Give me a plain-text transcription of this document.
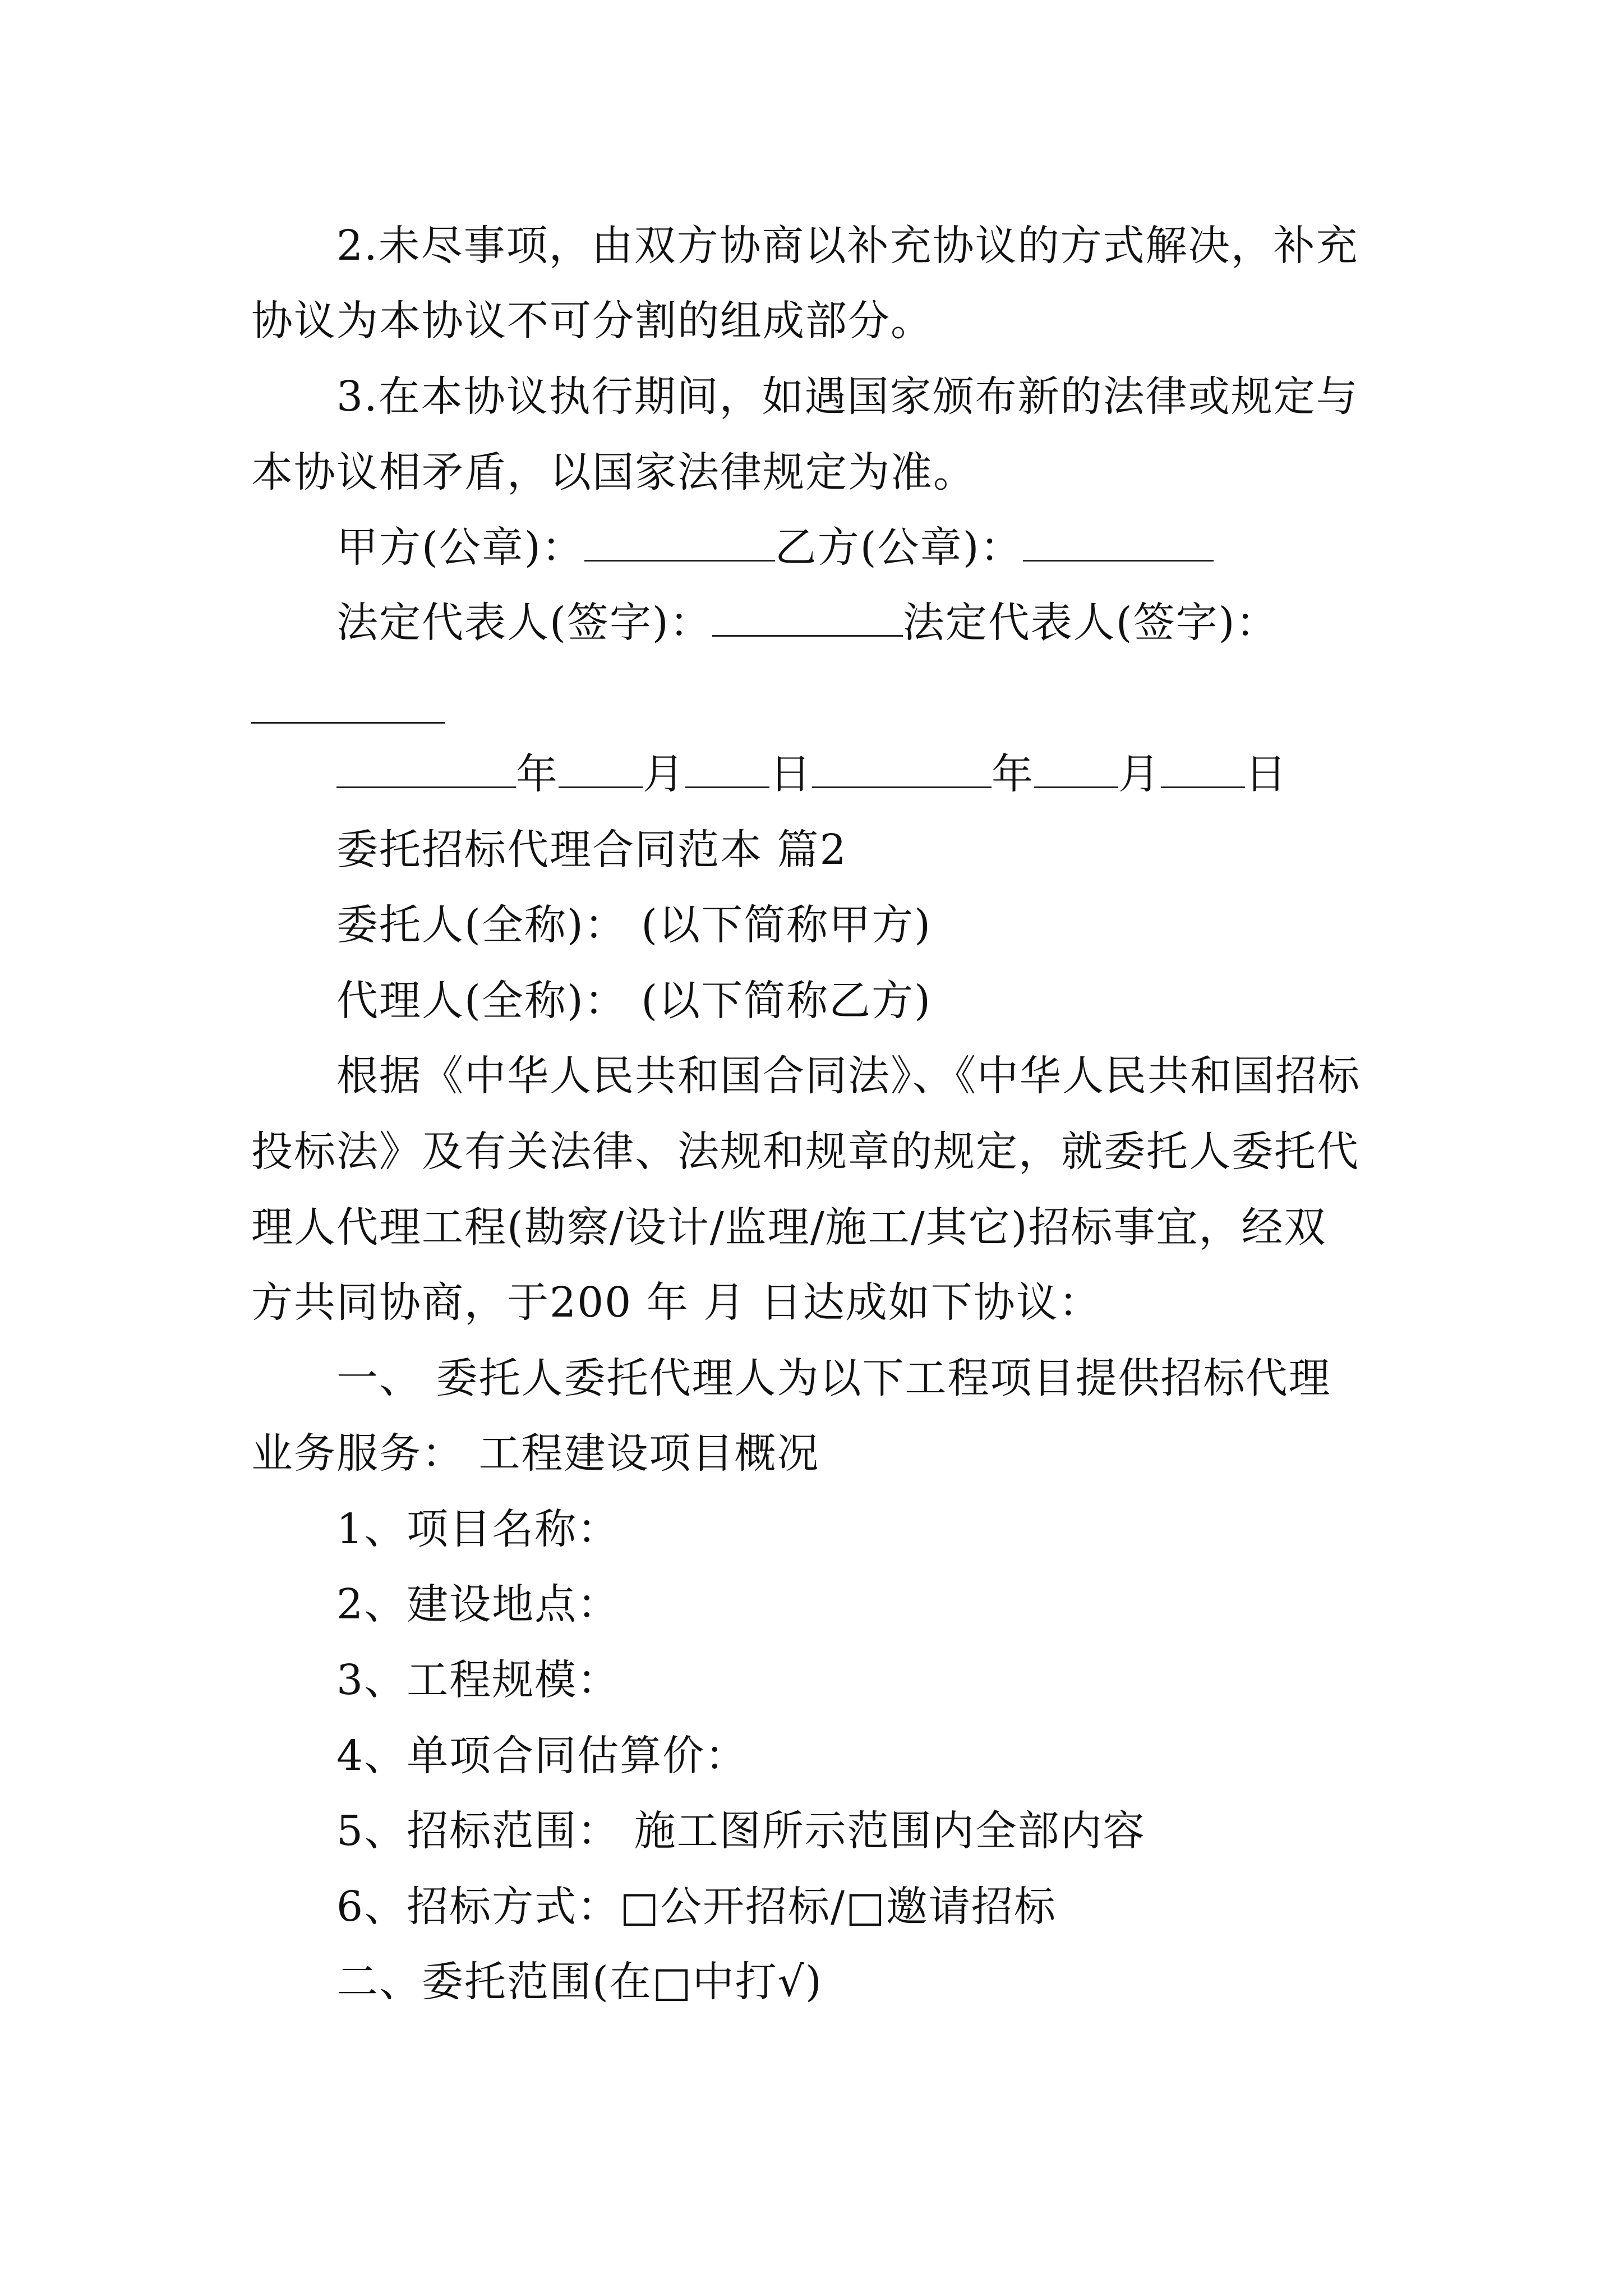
2.未尽事项，由双方协商以补充协议的方式解决，补充

协议为本协议不可分割的组成部分。

3.在本协议执行期间，如遇国家颁布新的法律或规定与

本协议相矛盾，以国家法律规定为准。

甲方(公章)：	乙方(公章)：

法定代表人(签字)：	法定代表人(签字)：

年 月 日	年 月 日

委托招标代理合同范本 篇2

委托人(全称)： (以下简称甲方)

代理人(全称)： (以下简称乙方)

根据《中华人民共和国合同法》、《中华人民共和国招标

投标法》及有关法律、法规和规章的规定，就委托人委托代

理人代理工程(勘察/设计/监理/施工/其它)招标事宜，经双

方共同协商，于200 年 月 日达成如下协议：

一、 委托人委托代理人为以下工程项目提供招标代理

业务服务： 工程建设项目概况

1、项目名称：

2、建设地点：

3、工程规模：

4、单项合同估算价：

5、招标范围： 施工图所示范围内全部内容

6、招标方式：□公开招标/□邀请招标

二、委托范围(在□中打√)
